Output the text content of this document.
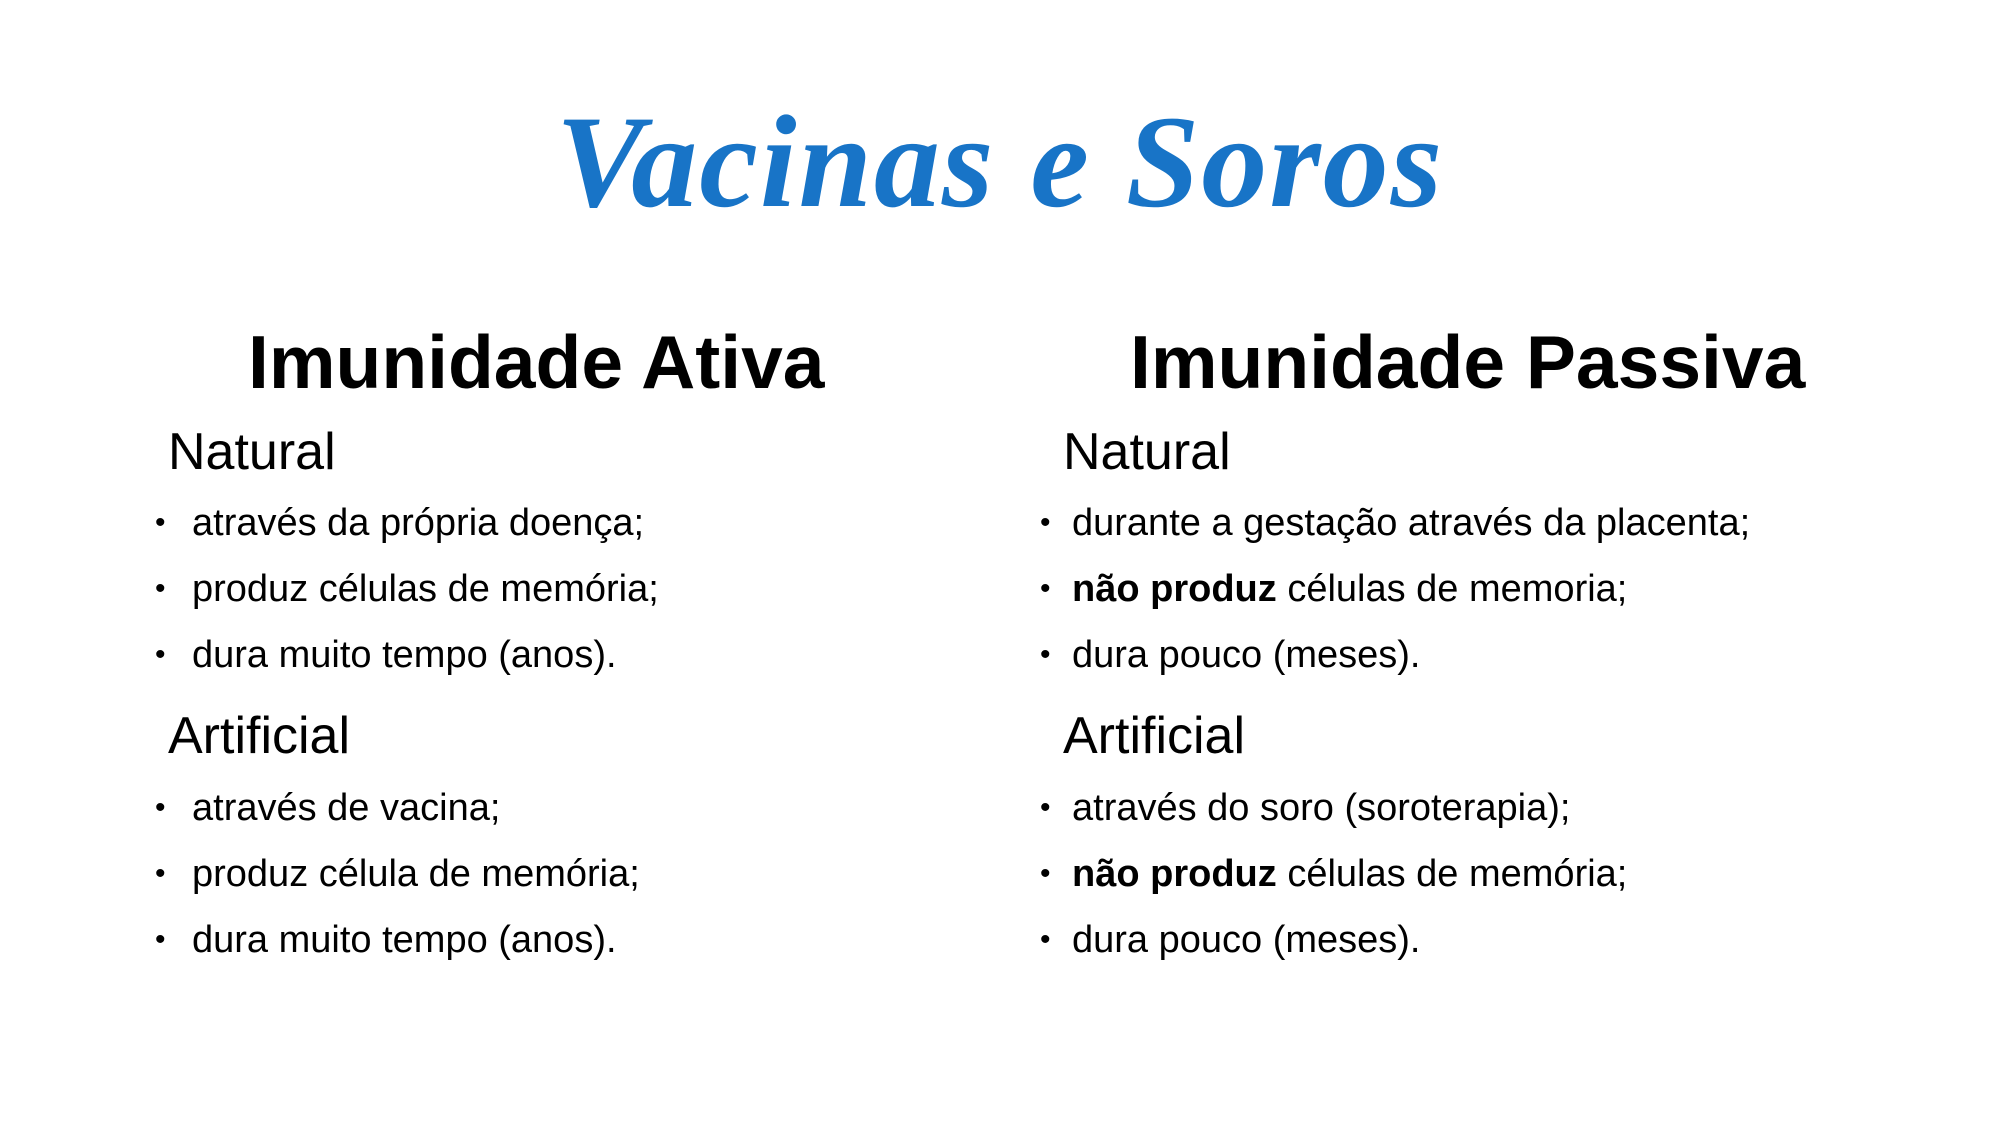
Vacinas e Soros
Imunidade Ativa
Natural
• através da própria doença;
• produz células de memória;
• dura muito tempo (anos).
Artificial
• através de vacina;
• produz célula de memória;
• dura muito tempo (anos).
Imunidade Passiva
Natural
• durante a gestação através da placenta;
• não produz células de memoria;
• dura pouco (meses).
Artificial
• através do soro (soroterapia);
• não produz células de memória;
• dura pouco (meses).
